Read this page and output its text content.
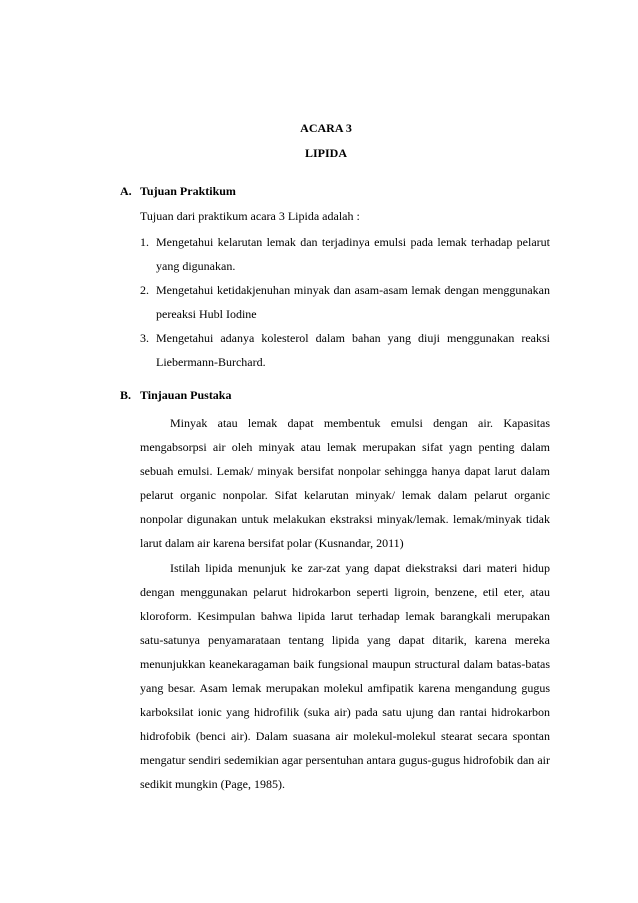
ACARA 3
LIPIDA
A. Tujuan Praktikum
Tujuan dari praktikum acara 3 Lipida adalah :
1. Mengetahui kelarutan lemak dan terjadinya emulsi pada lemak terhadap pelarut yang digunakan.
2. Mengetahui ketidakjenuhan minyak dan asam-asam lemak dengan menggunakan pereaksi Hubl Iodine
3. Mengetahui adanya kolesterol dalam bahan yang diuji menggunakan reaksi Liebermann-Burchard.
B. Tinjauan Pustaka

Minyak atau lemak dapat membentuk emulsi dengan air. Kapasitas mengabsorpsi air oleh minyak atau lemak merupakan sifat yagn penting dalam sebuah emulsi. Lemak/ minyak bersifat nonpolar sehingga hanya dapat larut dalam pelarut organic nonpolar. Sifat kelarutan minyak/ lemak dalam pelarut organic nonpolar digunakan untuk melakukan ekstraksi minyak/lemak. lemak/minyak tidak larut dalam air karena bersifat polar (Kusnandar, 2011)

Istilah lipida menunjuk ke zar-zat yang dapat diekstraksi dari materi hidup dengan menggunakan pelarut hidrokarbon seperti ligroin, benzene, etil eter, atau kloroform. Kesimpulan bahwa lipida larut terhadap lemak barangkali merupakan satu-satunya penyamarataan tentang lipida yang dapat ditarik, karena mereka menunjukkan keanekaragaman baik fungsional maupun structural dalam batas-batas yang besar. Asam lemak merupakan molekul amfipatik karena mengandung gugus karboksilat ionic yang hidrofilik (suka air) pada satu ujung dan rantai hidrokarbon hidrofobik (benci air). Dalam suasana air molekul-molekul stearat secara spontan mengatur sendiri sedemikian agar persentuhan antara gugus-gugus hidrofobik dan air sedikit mungkin (Page, 1985).
